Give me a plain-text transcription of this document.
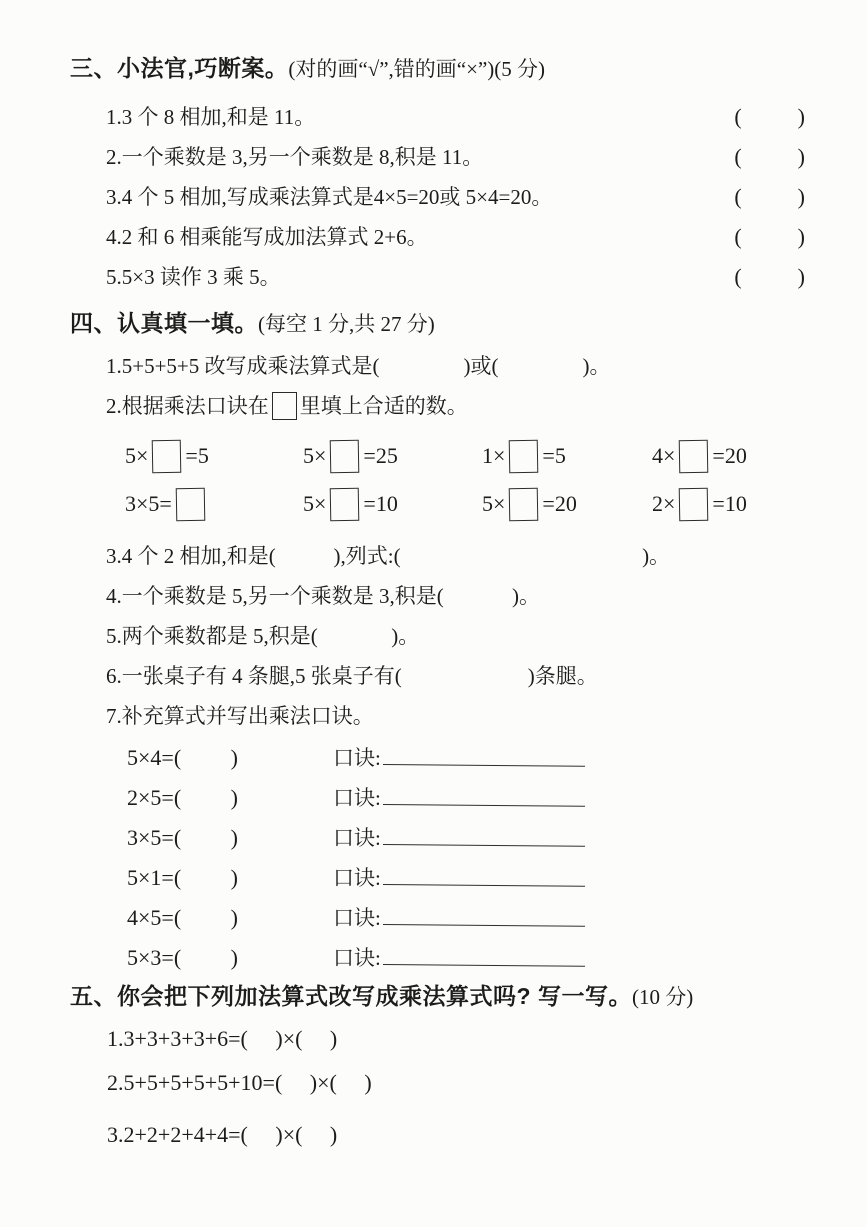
三、小法官,巧断案。(对的画“√”,错的画“×”)(5 分)
1.3 个 8 相加,和是 11。	(	)
2.一个乘数是 3,另一个乘数是 8,积是 11。	(	)
3.4 个 5 相加,写成乘法算式是4×5=20或 5×4=20。	(	)
4.2 和 6 相乘能写成加法算式 2+6。	(	)
5.5×3 读作 3 乘 5。	(	)
四、认真填一填。(每空 1 分,共 27 分)
1.5+5+5+5 改写成乘法算式是(                )或(                )。
2.根据乘法口诀在 里填上合适的数。
5× =5	5× =25	1× =5	4× =20
3×5=	5× =10	5× =20	2× =10
3.4 个 2 相加,和是(           ),列式:(                                              )。
4.一个乘数是 5,另一个乘数是 3,积是(             )。
5.两个乘数都是 5,积是(              )。
6.一张桌子有 4 条腿,5 张桌子有(                        )条腿。
7.补充算式并写出乘法口诀。
5×4=(         )	口诀:
2×5=(         )	口诀:
3×5=(         )	口诀:
5×1=(         )	口诀:
4×5=(         )	口诀:
5×3=(         )	口诀:
五、你会把下列加法算式改写成乘法算式吗? 写一写。(10 分)
1.3+3+3+3+6=(     )×(     )
2.5+5+5+5+5+10=(     )×(     )
3.2+2+2+4+4=(     )×(     )
